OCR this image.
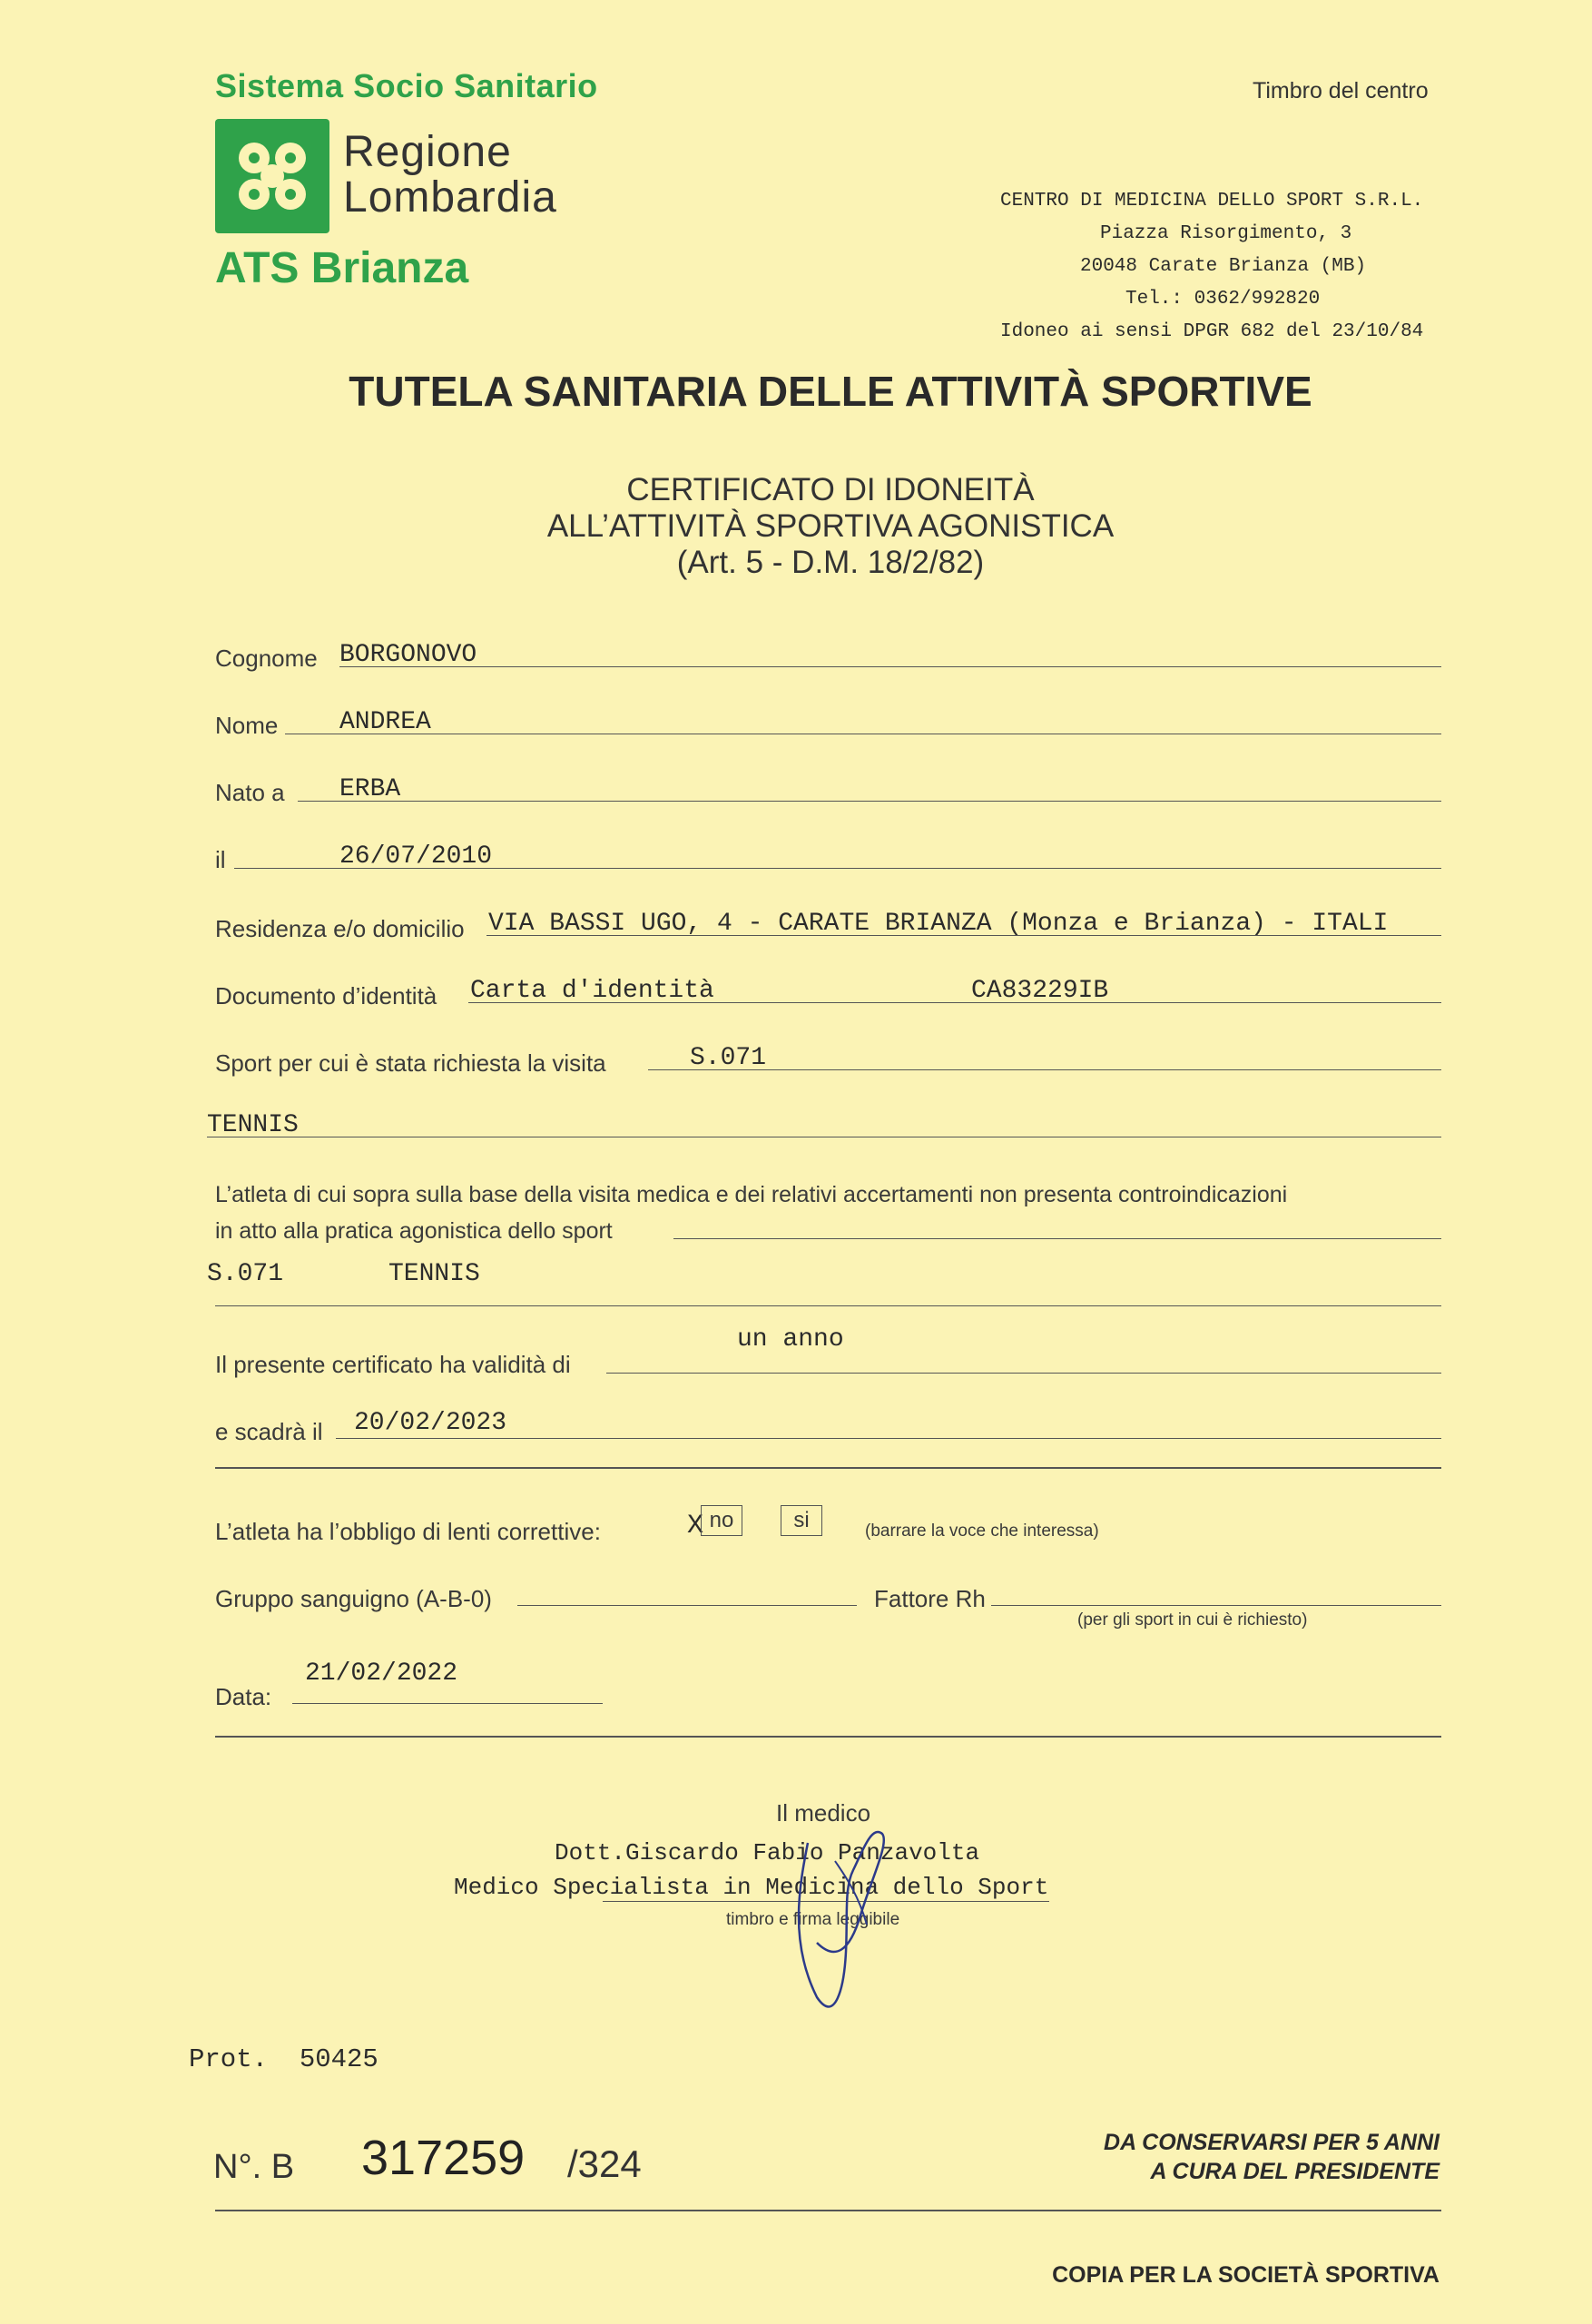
Sistema Socio Sanitario
Regione
Lombardia
ATS Brianza
Timbro del centro
CENTRO DI MEDICINA DELLO SPORT S.R.L.
Piazza Risorgimento, 3
20048 Carate Brianza (MB)
Tel.: 0362/992820
Idoneo ai sensi DPGR 682 del 23/10/84
TUTELA SANITARIA DELLE ATTIVITÀ SPORTIVE
CERTIFICATO DI IDONEITÀ
ALL’ATTIVITÀ SPORTIVA AGONISTICA
(Art. 5 - D.M. 18/2/82)
Cognome BORGONOVO
Nome ANDREA
Nato a ERBA
il	26/07/2010
Residenza e/o domicilio VIA BASSI UGO, 4 - CARATE BRIANZA (Monza e Brianza) - ITALI
Documento d’identità Carta d'identità	CA83229IB
Sport per cui è stata richiesta la visita	S.071
TENNIS
L’atleta di cui sopra sulla base della visita medica e dei relativi accertamenti non presenta controindicazioni
in atto alla pratica agonistica dello sport
S.071	TENNIS
un anno
Il presente certificato ha validità di
e scadrà il 20/02/2023
L’atleta ha l’obbligo di lenti correttive:	X no	si	(barrare la voce che interessa)
Gruppo sanguigno (A-B-0)	Fattore Rh
(per gli sport in cui è richiesto)
21/02/2022
Data:
Il medico
Dott.Giscardo Fabio Panzavolta
Medico Specialista in Medicina dello Sport
timbro e firma leggibile
Prot.  50425
N°. B 317259 /324	DA CONSERVARSI PER 5 ANNI
A CURA DEL PRESIDENTE
COPIA PER LA SOCIETÀ SPORTIVA
